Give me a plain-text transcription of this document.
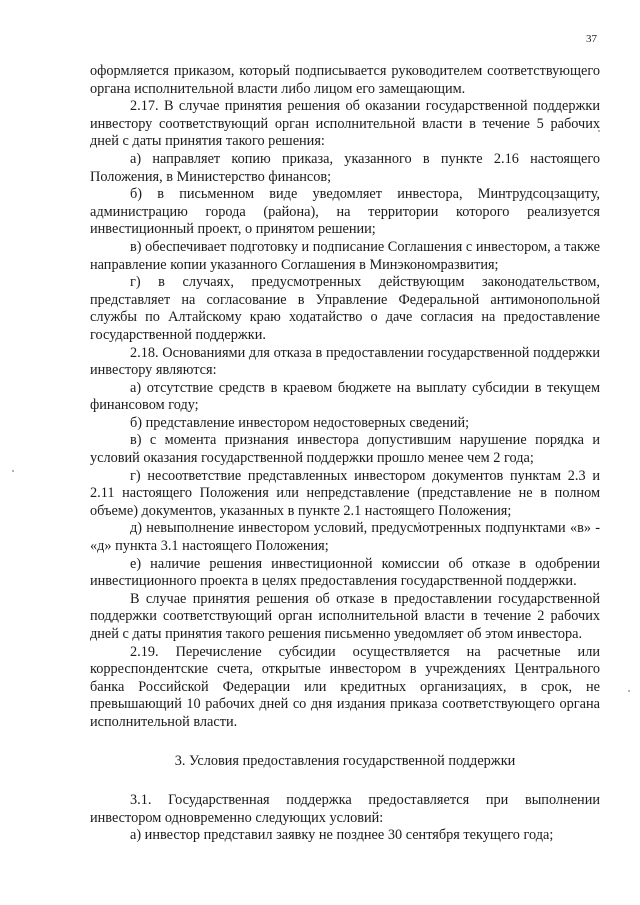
37

оформляется приказом, который подписывается руководителем соответствующего органа исполнительной власти либо лицом его замещающим.

2.17. В случае принятия решения об оказании государственной поддержки инвестору соответствующий орган исполнительной власти в течение 5 рабочих дней с даты принятия такого решения:

а) направляет копию приказа, указанного в пункте 2.16 настоящего Положения, в Министерство финансов;

б) в письменном виде уведомляет инвестора, Минтрудсоцзащиту, администрацию города (района), на территории которого реализуется инвестиционный проект, о принятом решении;

в) обеспечивает подготовку и подписание Соглашения с инвестором, а также направление копии указанного Соглашения в Минэкономразвития;

г) в случаях, предусмотренных действующим законодательством, представляет на согласование в Управление Федеральной антимонопольной службы по Алтайскому краю ходатайство о даче согласия на предоставление государственной поддержки.

2.18. Основаниями для отказа в предоставлении государственной поддержки инвестору являются:

а) отсутствие средств в краевом бюджете на выплату субсидии в текущем финансовом году;

б) представление инвестором недостоверных сведений;

в) с момента признания инвестора допустившим нарушение порядка и условий оказания государственной поддержки прошло менее чем 2 года;

г) несоответствие представленных инвестором документов пунктам 2.3 и 2.11 настоящего Положения или непредставление (представление не в полном объеме) документов, указанных в пункте 2.1 настоящего Положения;

д) невыполнение инвестором условий, предусмотренных подпунктами «в» - «д» пункта 3.1 настоящего Положения;

е) наличие решения инвестиционной комиссии об отказе в одобрении инвестиционного проекта в целях предоставления государственной поддержки.

В случае принятия решения об отказе в предоставлении государственной поддержки соответствующий орган исполнительной власти в течение 2 рабочих дней с даты принятия такого решения письменно уведомляет об этом инвестора.

2.19. Перечисление субсидии осуществляется на расчетные или корреспондентские счета, открытые инвестором в учреждениях Центрального банка Российской Федерации или кредитных организациях, в срок, не превышающий 10 рабочих дней со дня издания приказа соответствующего органа исполнительной власти.

3. Условия предоставления государственной поддержки

3.1. Государственная поддержка предоставляется при выполнении инвестором одновременно следующих условий:

а) инвестор представил заявку не позднее 30 сентября текущего года;
